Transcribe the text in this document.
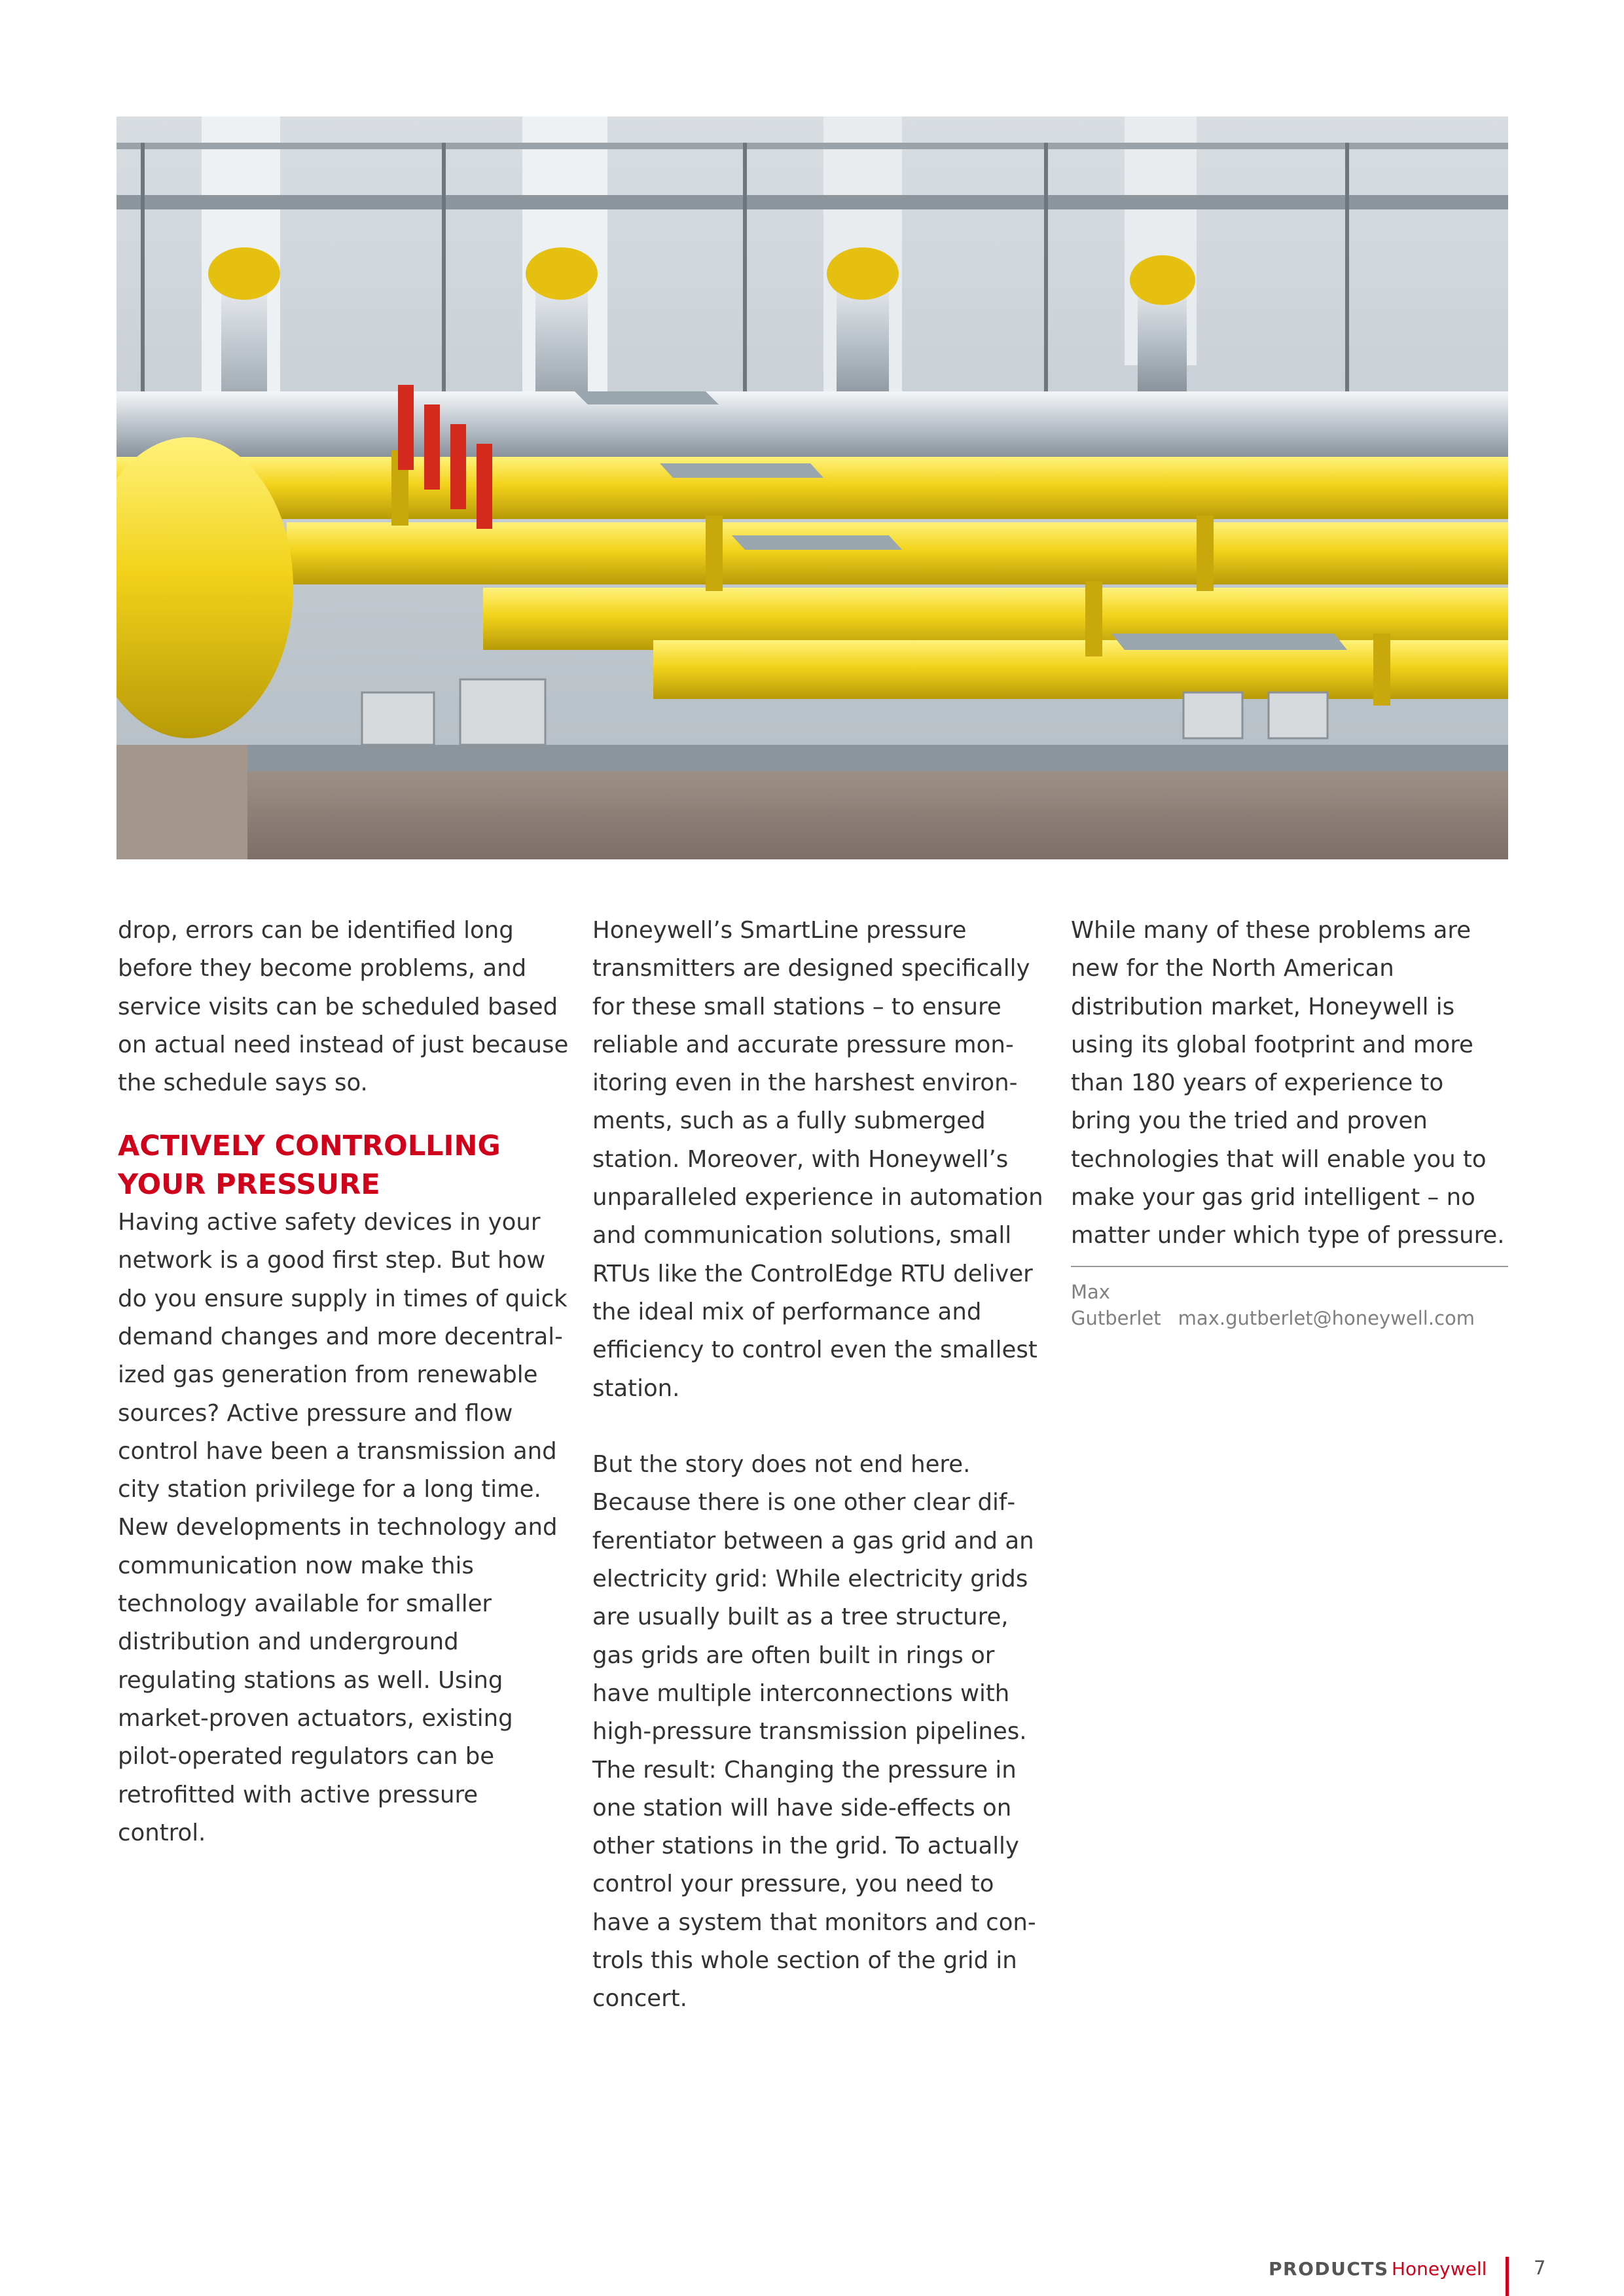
drop, errors can be identified long before they become problems, and service visits can be scheduled based on actual need instead of just because the schedule says so.

ACTIVELY CONTROLLING YOUR PRESSURE

Having active safety devices in your network is a good first step. But how do you ensure supply in times of quick demand changes and more decentralized gas generation from renewable sources? Active pressure and flow control have been a transmission and city station privilege for a long time. New developments in technology and communication now make this technology available for smaller distribution and underground regulating stations as well. Using market-proven actuators, existing pilot-operated regulators can be retrofitted with active pressure control.

Honeywell’s SmartLine pressure transmitters are designed specifically for these small stations – to ensure reliable and accurate pressure monitoring even in the harshest environments, such as a fully submerged station. Moreover, with Honeywell’s unparalleled experience in automation and communication solutions, small RTUs like the ControlEdge RTU deliver the ideal mix of performance and efficiency to control even the smallest station.

But the story does not end here. Because there is one other clear differentiator between a gas grid and an electricity grid: While electricity grids are usually built as a tree structure, gas grids are often built in rings or have multiple interconnections with high-pressure transmission pipelines. The result: Changing the pressure in one station will have side-effects on other stations in the grid. To actually control your pressure, you need to have a system that monitors and controls this whole section of the grid in concert.

While many of these problems are new for the North American distribution market, Honeywell is using its global footprint and more than 180 years of experience to bring you the tried and proven technologies that will enable you to make your gas grid intelligent – no matter under which type of pressure.

Max Gutberlet max.gutberlet@honeywell.com
PRODUCTS Honeywell 7
